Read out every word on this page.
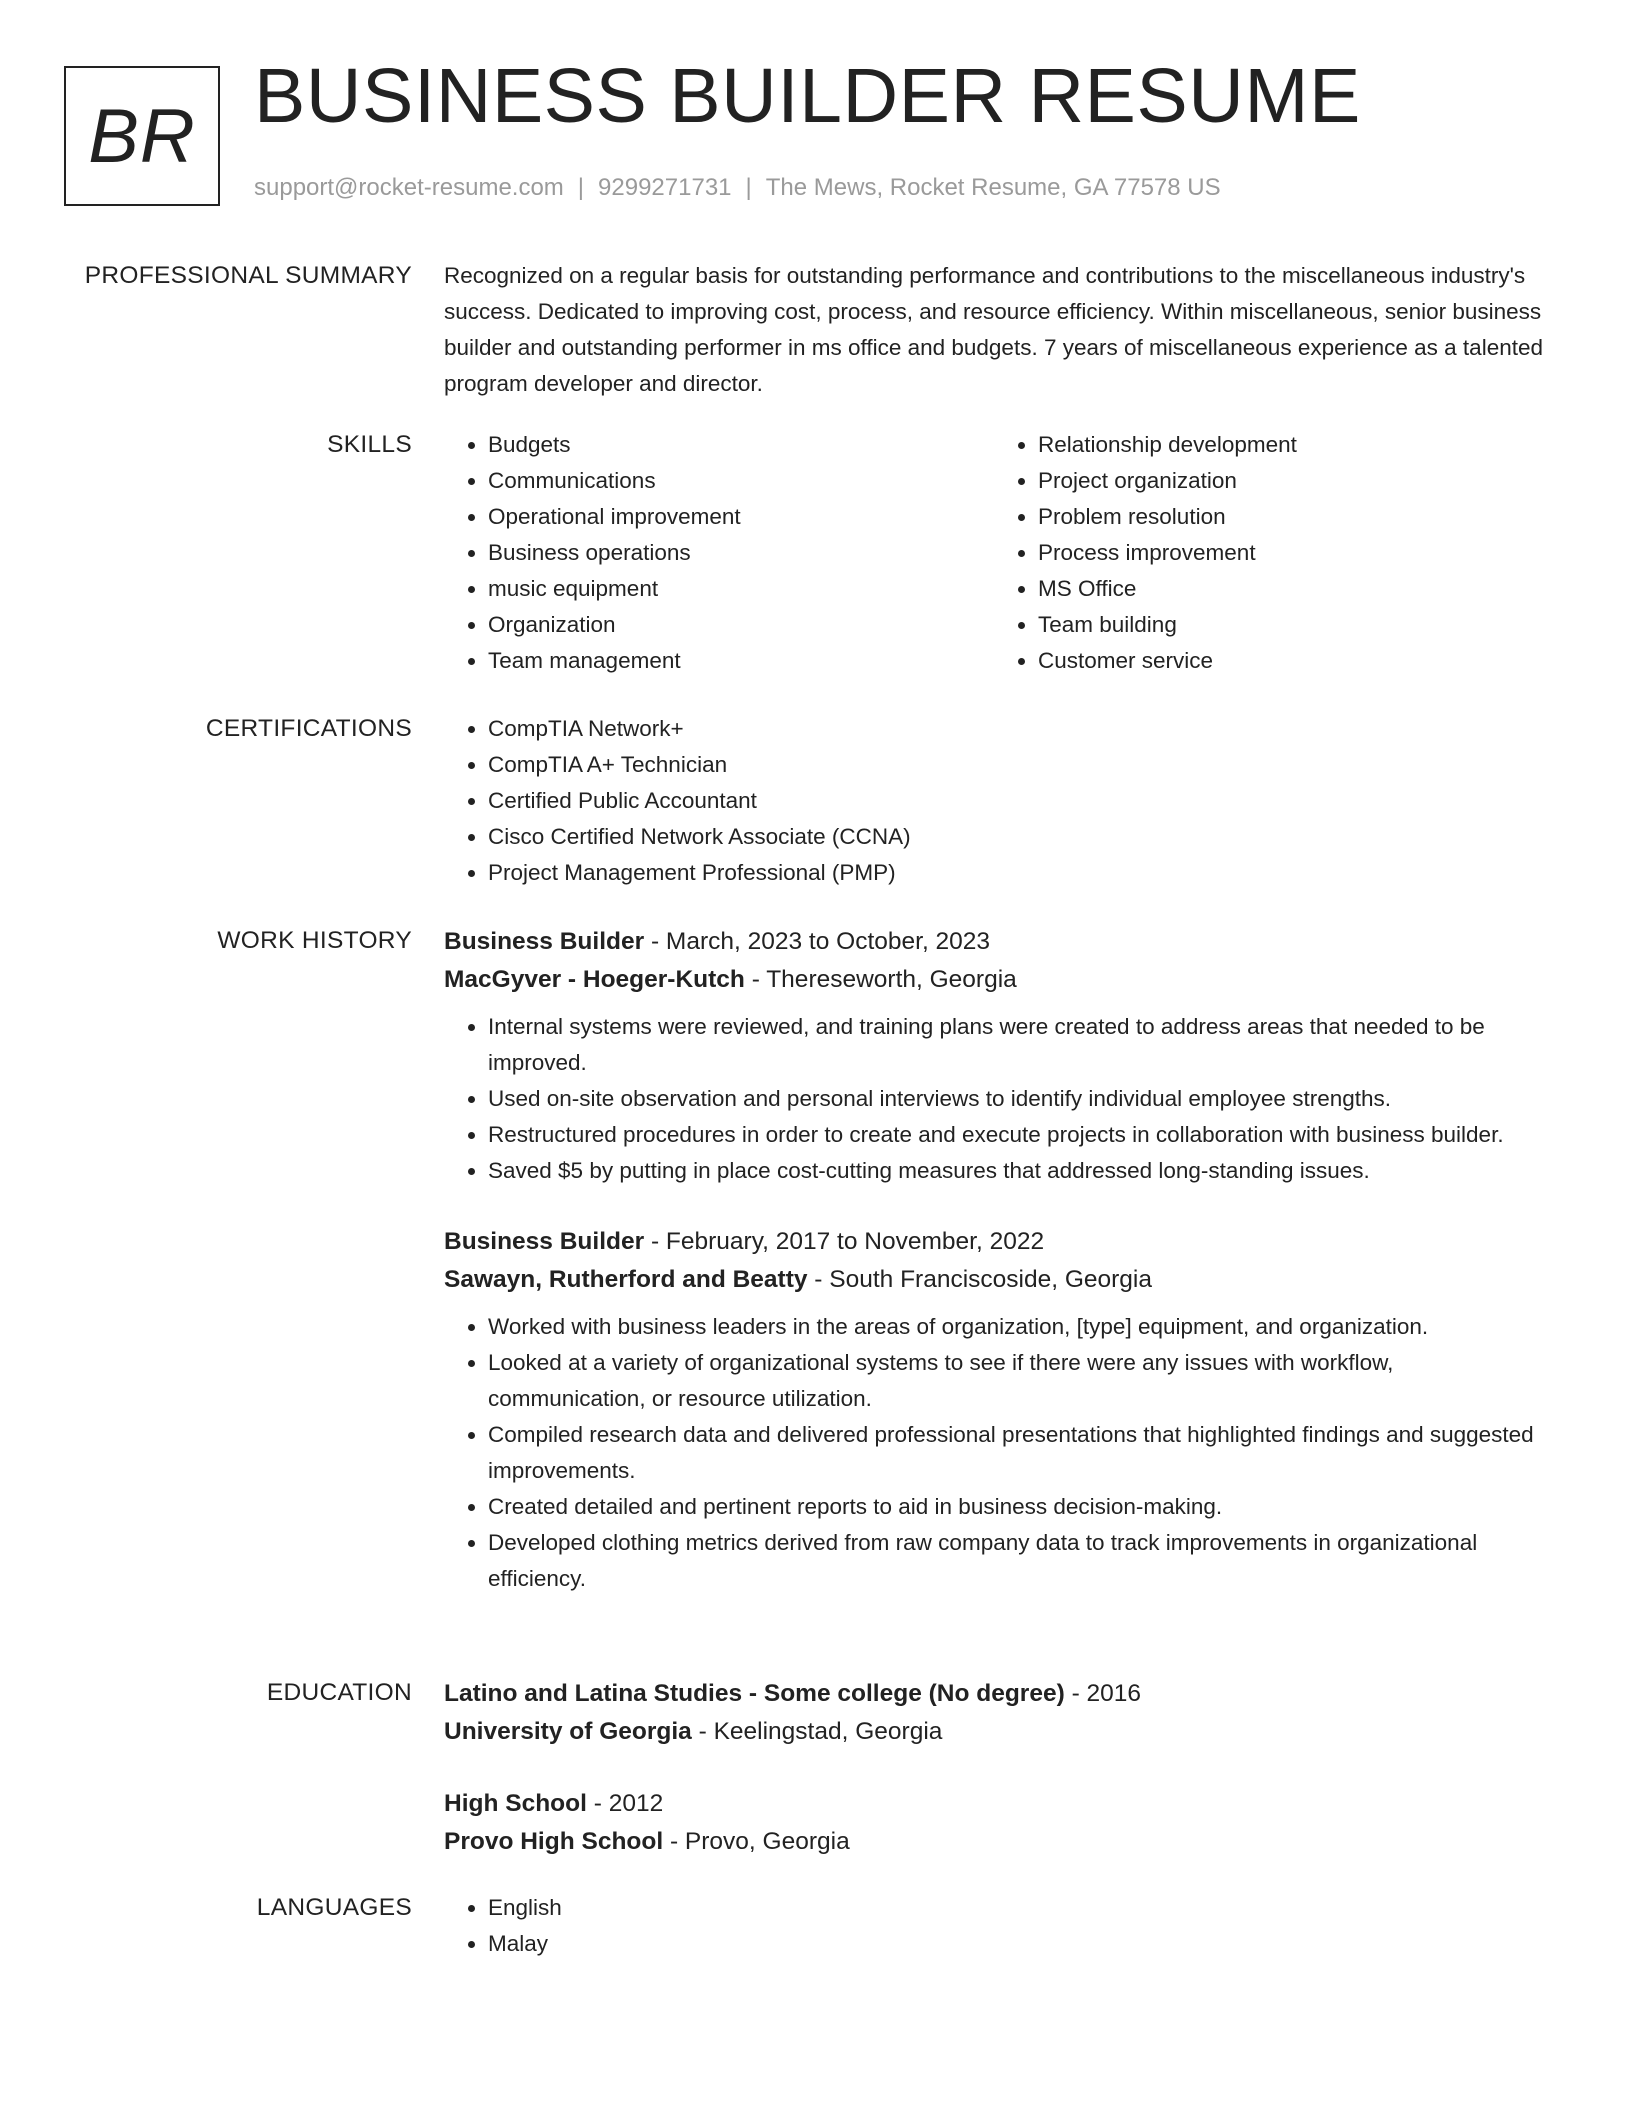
BR BUSINESS BUILDER RESUME
support@rocket-resume.com | 9299271731 | The Mews, Rocket Resume, GA 77578 US
PROFESSIONAL SUMMARY Recognized on a regular basis for outstanding performance and contributions to the miscellaneous industry's success. Dedicated to improving cost, process, and resource efficiency. Within miscellaneous, senior business builder and outstanding performer in ms office and budgets. 7 years of miscellaneous experience as a talented program developer and director.

SKILLS	• Budgets
• Communications
• Operational improvement
• Business operations
• music equipment
• Organization
• Team management
• Relationship development
• Project organization
• Problem resolution
• Process improvement
• MS Office
• Team building
• Customer service
CERTIFICATIONS	• CompTIA Network+
• CompTIA A+ Technician
• Certified Public Accountant
• Cisco Certified Network Associate (CCNA)
• Project Management Professional (PMP)
WORK HISTORY Business Builder - March, 2023 to October, 2023
MacGyver - Hoeger-Kutch - Thereseworth, Georgia
• Internal systems were reviewed, and training plans were created to address areas that needed to be improved.
• Used on-site observation and personal interviews to identify individual employee strengths.
• Restructured procedures in order to create and execute projects in collaboration with business builder.
• Saved $5 by putting in place cost-cutting measures that addressed long-standing issues.
Business Builder - February, 2017 to November, 2022
Sawayn, Rutherford and Beatty - South Franciscoside, Georgia
• Worked with business leaders in the areas of organization, [type] equipment, and organization.
• Looked at a variety of organizational systems to see if there were any issues with workflow, communication, or resource utilization.
• Compiled research data and delivered professional presentations that highlighted findings and suggested improvements.
• Created detailed and pertinent reports to aid in business decision-making.
• Developed clothing metrics derived from raw company data to track improvements in organizational efficiency.
EDUCATION Latino and Latina Studies - Some college (No degree) - 2016
University of Georgia - Keelingstad, Georgia
High School - 2012
Provo High School - Provo, Georgia
LANGUAGES	• English
• Malay
